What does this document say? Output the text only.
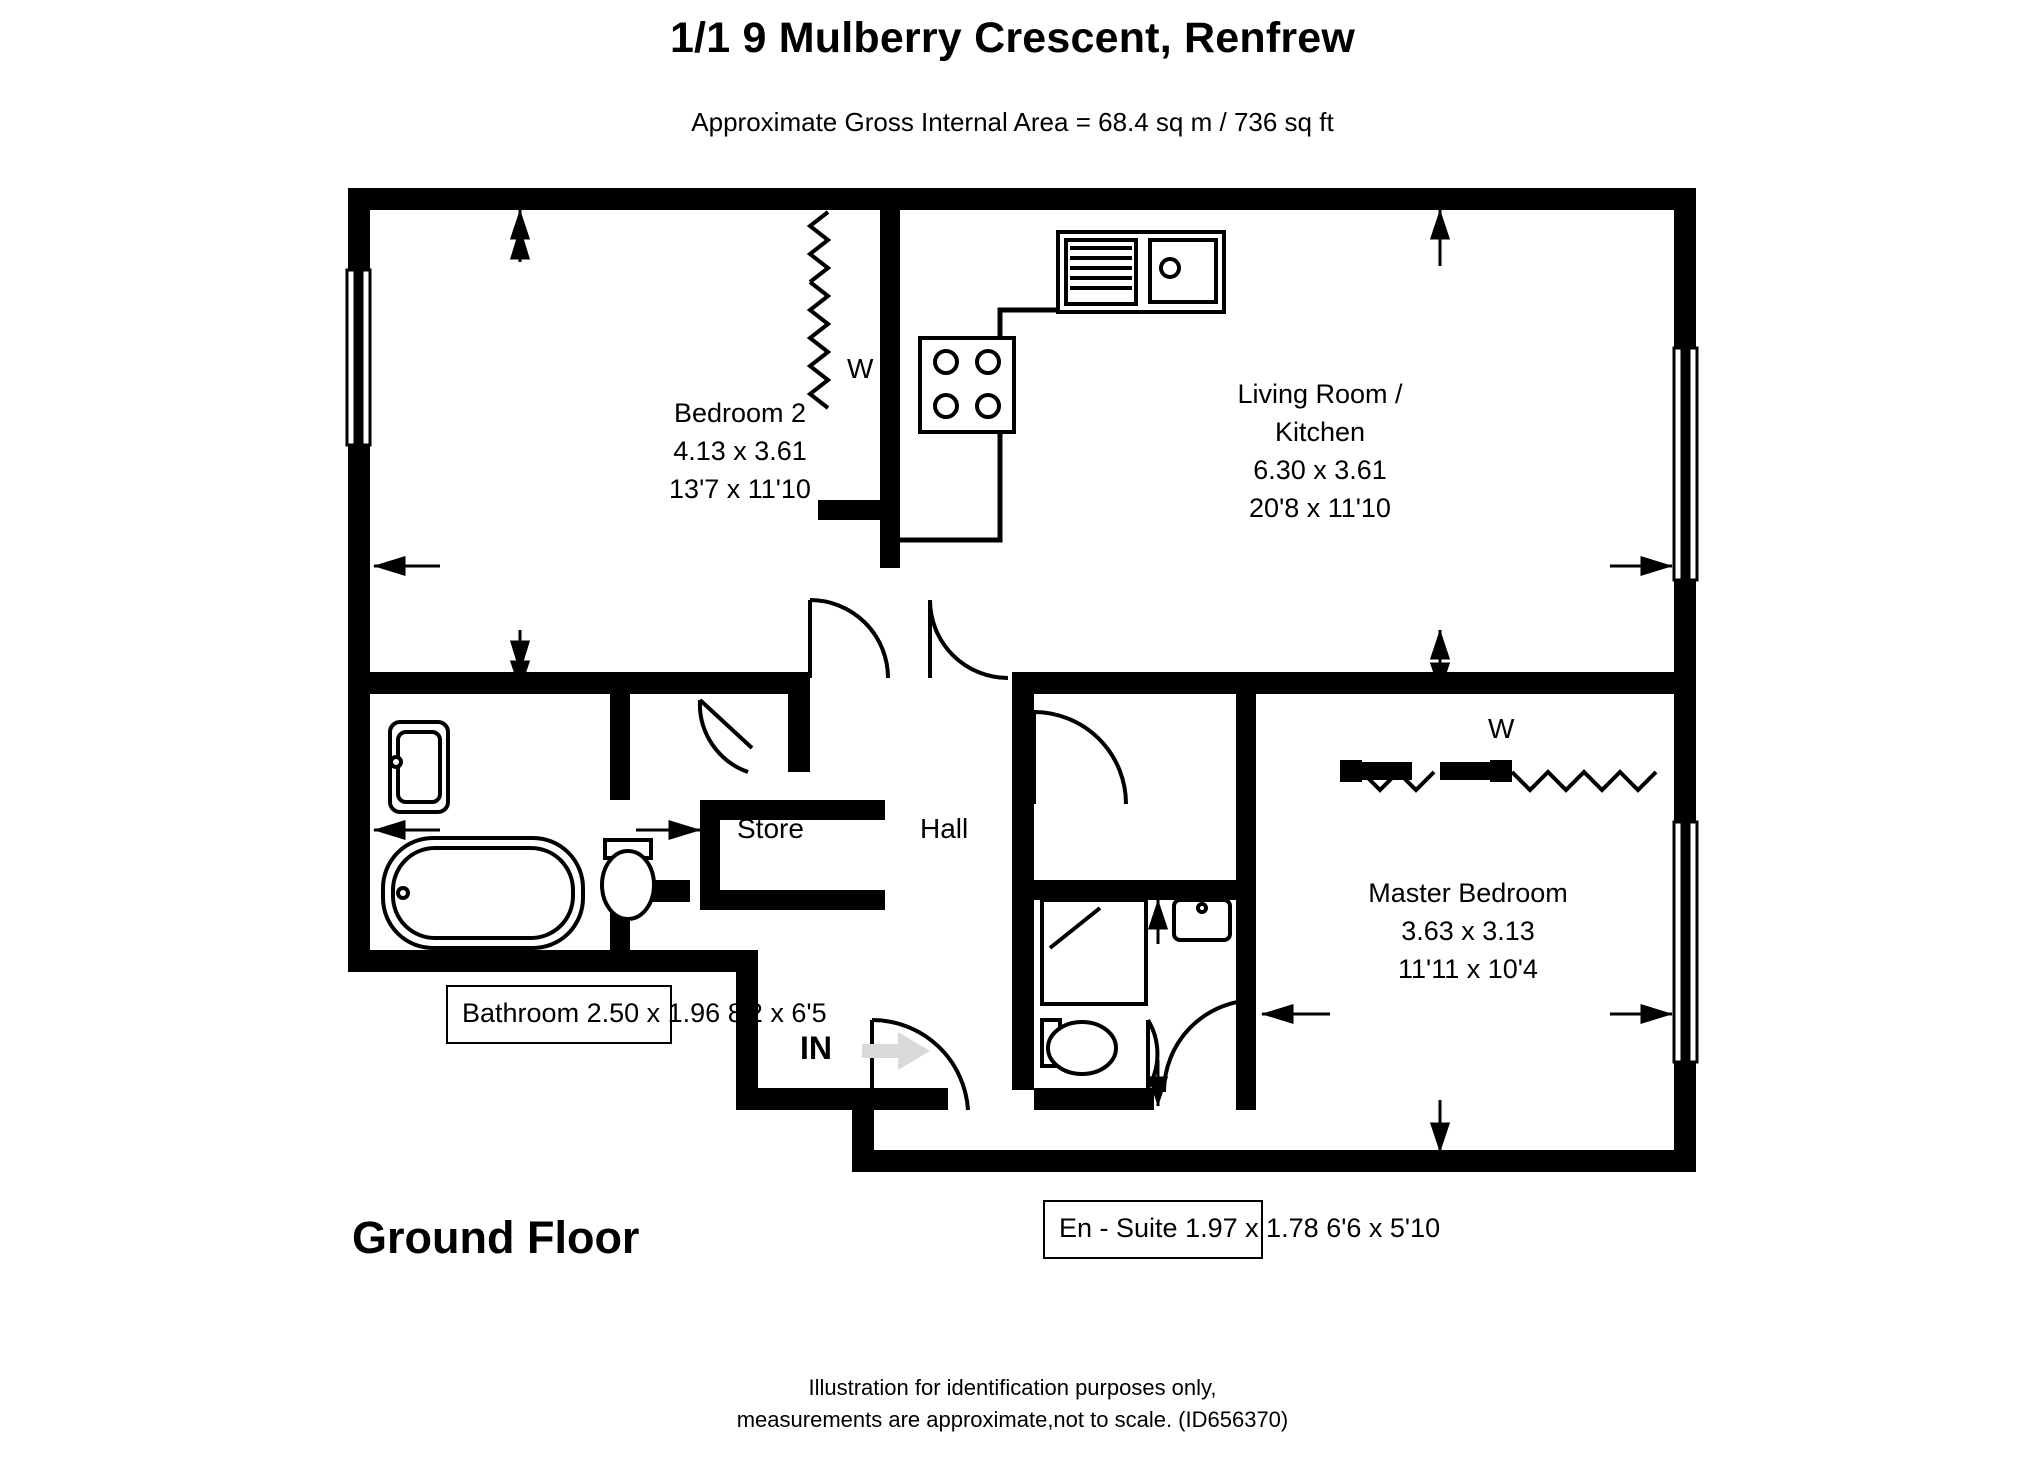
1/1 9 Mulberry Crescent, Renfrew
Approximate Gross Internal Area = 68.4 sq m / 736 sq ft
Bedroom 2
4.13 x 3.61
13'7 x 11'10
Living Room /
Kitchen
6.30 x 3.61
20'8 x 11'10
Master Bedroom
3.63 x 3.13
11'11 x 10'4
Store	Hall
W
W
IN
Bathroom 2.50 x 1.96 8'2 x 6'5
En - Suite 1.97 x 1.78 6'6 x 5'10
Ground Floor
Illustration for identification purposes only,
measurements are approximate,not to scale. (ID656370)
